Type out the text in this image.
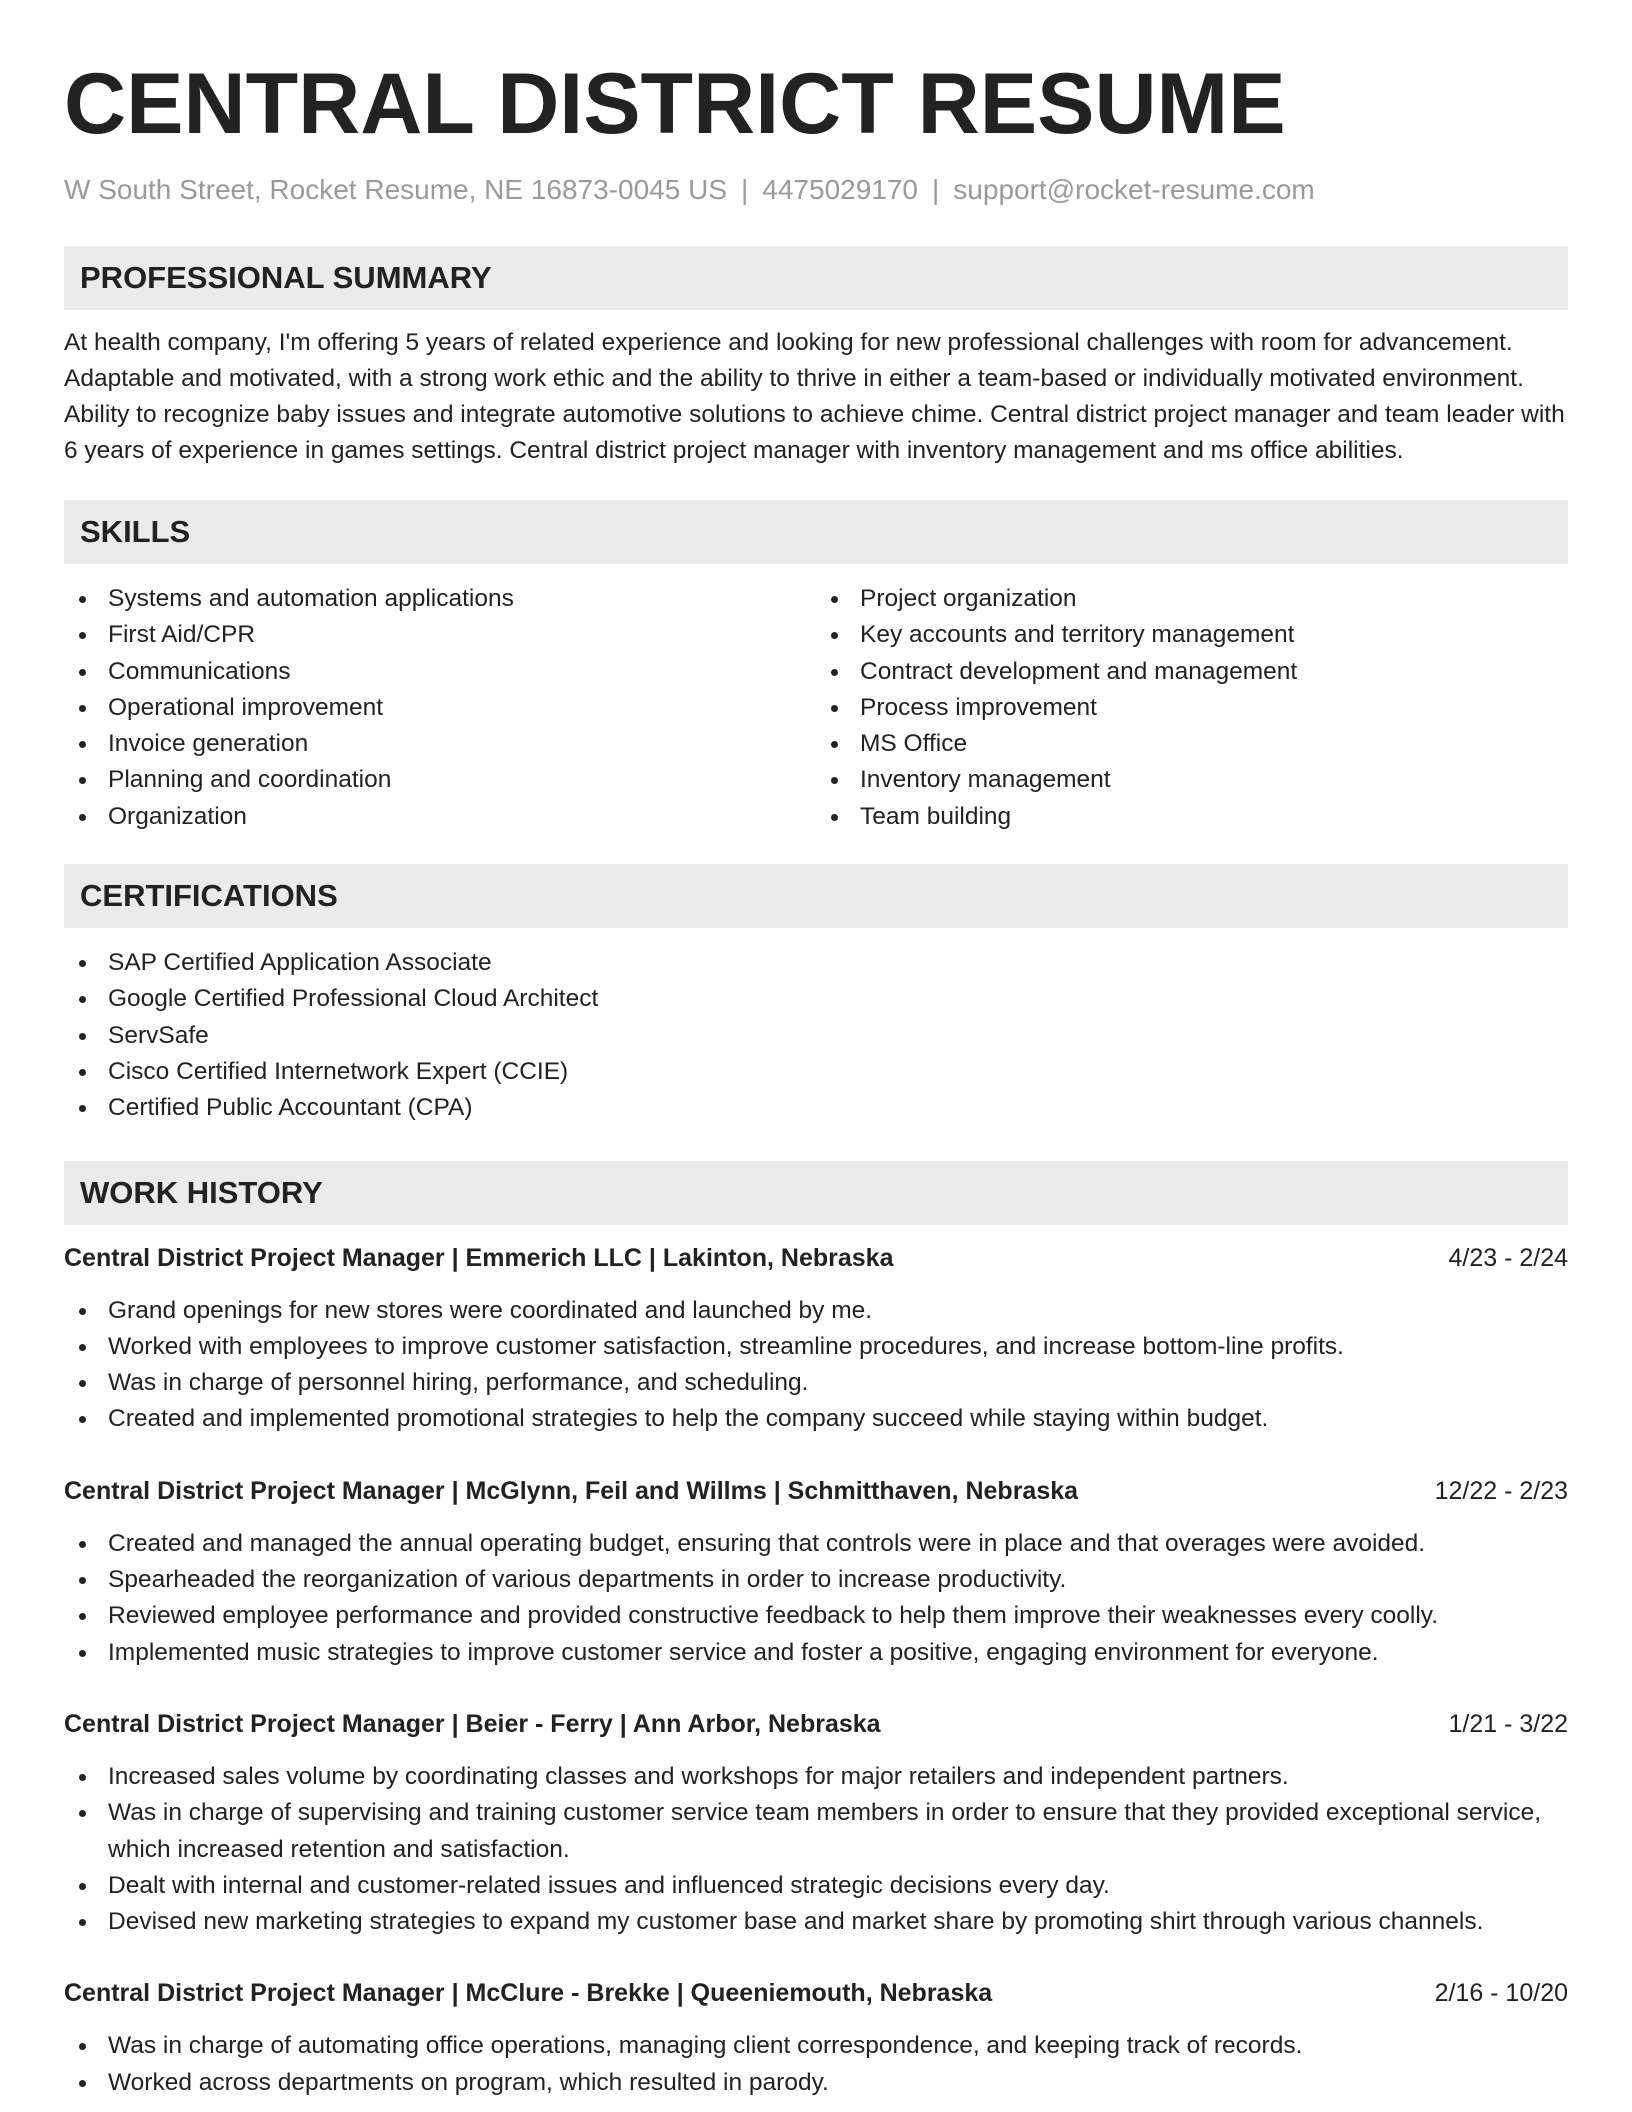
CENTRAL DISTRICT RESUME
W South Street, Rocket Resume, NE 16873-0045 US | 4475029170 | support@rocket-resume.com
PROFESSIONAL SUMMARY

At health company, I'm offering 5 years of related experience and looking for new professional challenges with room for advancement. Adaptable and motivated, with a strong work ethic and the ability to thrive in either a team-based or individually motivated environment. Ability to recognize baby issues and integrate automotive solutions to achieve chime. Central district project manager and team leader with 6 years of experience in games settings. Central district project manager with inventory management and ms office abilities.

SKILLS
Systems and automation applications
First Aid/CPR
Communications
Operational improvement
Invoice generation
Planning and coordination
Organization
Project organization
Key accounts and territory management
Contract development and management
Process improvement
MS Office
Inventory management
Team building
CERTIFICATIONS
SAP Certified Application Associate
Google Certified Professional Cloud Architect
ServSafe
Cisco Certified Internetwork Expert (CCIE)
Certified Public Accountant (CPA)
WORK HISTORY
Central District Project Manager | Emmerich LLC | Lakinton, Nebraska	4/23 - 2/24
Grand openings for new stores were coordinated and launched by me.
Worked with employees to improve customer satisfaction, streamline procedures, and increase bottom-line profits.
Was in charge of personnel hiring, performance, and scheduling.
Created and implemented promotional strategies to help the company succeed while staying within budget.
Central District Project Manager | McGlynn, Feil and Willms | Schmitthaven, Nebraska	12/22 - 2/23
Created and managed the annual operating budget, ensuring that controls were in place and that overages were avoided.
Spearheaded the reorganization of various departments in order to increase productivity.
Reviewed employee performance and provided constructive feedback to help them improve their weaknesses every coolly.
Implemented music strategies to improve customer service and foster a positive, engaging environment for everyone.
Central District Project Manager | Beier - Ferry | Ann Arbor, Nebraska	1/21 - 3/22
Increased sales volume by coordinating classes and workshops for major retailers and independent partners.
Was in charge of supervising and training customer service team members in order to ensure that they provided exceptional service, which increased retention and satisfaction.
Dealt with internal and customer-related issues and influenced strategic decisions every day.
Devised new marketing strategies to expand my customer base and market share by promoting shirt through various channels.
Central District Project Manager | McClure - Brekke | Queeniemouth, Nebraska	2/16 - 10/20
Was in charge of automating office operations, managing client correspondence, and keeping track of records.
Worked across departments on program, which resulted in parody.
